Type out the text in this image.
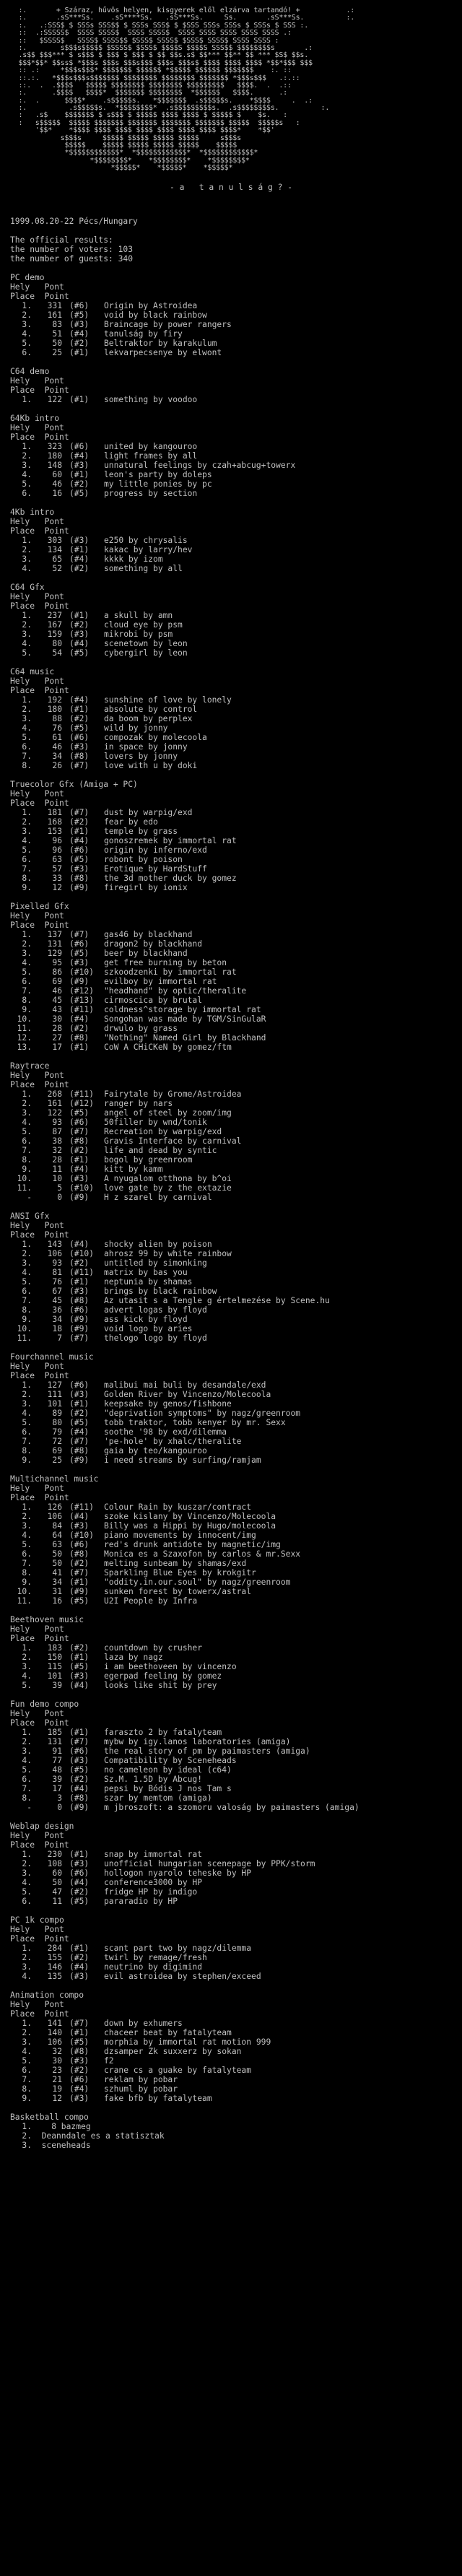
:.       + Száraz, hűvös helyen, kisgyerek elől elzárva tartandó! +           .:
:.       .sS***Ss.    .sS****Ss.   .sS***Ss.     Ss.       .sS***Ss.          :.
:.   .:SSS$ $ SSSs SSS$$ $ SSSs SSS$ $ $SSS SSSs SSSs $ SSSs $ SSS :.
::  .:SSSSS$  SSSS SSSS$  SSSS SSSS$  SSSS SSSS SSSS SSSS SSSS .:
::   $SSSS$   SSSS$ SSSS$$ $SSS$ SSSS$ $SSS$ SSSS$ SSSS SSSS :
:.        s$$$s$$$$$ $SSSS$ $SSS$ $$$$S $$$$S SSS$$ $$$$$$$$s       .:
.s$$ $$$*** $ s$$$ $ $$$ $ $$$ $ $$ $$s.s$ $$*** $$** $$ *** $S$ $$s.
$$$*$$* $$ss$ *$$$s $$$s $$$s$$$ $$$s $$$s$ $$$$ $$$$ $$$$ *$$*$$$ $$$
:: .:     *$$$s$$$* $$$$$$$ $$$$$$ *$$$$$ $$$$$$ $$$$$$$    :. ::
::.:.   *$$$s$$$s$$$$$$$ $$$$$$$$ $$$$$$$$ $$$$$$$ *$$$s$$$   .:.::
::.  .  .$$$$   $$$$$ $$$$$$$$ $$$$$$$$ $$$$$$$$$   $$$$.  .  .::
:.      .$$$$   $$$$*  $$$$$$$ $$$$$$$$  *$$$$$$   $$$$.      .:
:.  .      $$$$*    .s$$$$$s.   *$$$$$$$  .s$$$$$s.    *$$$$     .  .:
:.          .s$$$$$s.  *$$$$$$$$*  .s$$$$$$$$$s.  .s$$$$$$$$s.          :.
:   .s$    $$$$$$$ $ s$$$ $ $$$$$ $$$$ $$$$ $ $$$$$ $    $s.   :
:   s$$$$$  $$$$$ $$$$$$$ $$$$$$$ $$$$$$$ $$$$$$$ $$$$$  $$$$$s   :
'$$*    *$$$$ $$$$ $$$$ $$$$ $$$$ $$$$ $$$$ $$$$*    *$$'
s$$$s     $$$$$ $$$$$ $$$$$ $$$$$     s$$$s
$$$$$    $$$$$ $$$$$ $$$$$ $$$$$    $$$$$
*$$$$$$$$$$$$*  *$$$$$$$$$$$$*  *$$$$$$$$$$$$*
*$$$$$$$$*    *$$$$$$$$*    *$$$$$$$$*
*$$$$$*    *$$$$$*    *$$$$$*
- a   t a n u l s á g ? -
1999.08.20-22 Pécs/Hungary
The official results:
the number of voters: 103
the number of guests: 340
PC demo
Hely   Pont
Place  Point
1. 331 (#6) Origin by Astroidea
2. 161 (#5) void by black rainbow
3.	83 (#3) Braincage by power rangers
4.	51 (#4) tanulság by firy
5.	50 (#2) Beltraktor by karakulum
6.	25 (#1) lekvarpecsenye by elwont
C64 demo
Hely   Pont
Place  Point
1. 122 (#1) something by voodoo
64Kb intro
Hely   Pont
Place  Point
1. 323 (#6) united by kangouroo
2. 180 (#4) light frames by all
3. 148 (#3) unnatural feelings by czah+abcug+towerx
4.	60 (#1) leon's party by doleps
5.	46 (#2) my little ponies by pc
6.	16 (#5) progress by section
4Kb intro
Hely   Pont
Place  Point
1. 303 (#3) e250 by chrysalis
2. 134 (#1) kakac by larry/hev
3.	65 (#4) kkkk by izom
4.	52 (#2) something by all
C64 Gfx
Hely   Pont
Place  Point
1. 237 (#1) a skull by amn
2. 167 (#2) cloud eye by psm
3. 159 (#3) mikrobi by psm
4.	80 (#4) scenetown by leon
5.	54 (#5) cybergirl by leon
C64 music
Hely   Pont
Place  Point
1. 192 (#4) sunshine of love by lonely
2. 180 (#1) absolute by control
3.	88 (#2) da boom by perplex
4.	76 (#5) wild by jonny
5.	61 (#6) compozak by molecoola
6.	46 (#3) in space by jonny
7.	34 (#8) lovers by jonny
8.	26 (#7) love with u by doki
Truecolor Gfx (Amiga + PC)
Hely   Pont
Place  Point
1. 181 (#7) dust by warpig/exd
2. 168 (#2) fear by edo
3. 153 (#1) temple by grass
4.	96 (#4) gonoszremek by immortal rat
5.	96 (#6) origin by inferno/exd
6.	63 (#5) robont by poison
7.	57 (#3) Erotique by HardStuff
8.	33 (#8) the 3d mother duck by gomez
9.	12 (#9) firegirl by ionix
Pixelled Gfx
Hely   Pont
Place  Point
1. 137 (#7) gas46 by blackhand
2. 131 (#6) dragon2 by blackhand
3. 129 (#5) beer by blackhand
4.	95 (#3) get free burning by beton
5.	86 (#10) szkoodzenki by immortal rat
6.	69 (#9) evilboy by immortal rat
7.	46 (#12) "headhand" by optic/theralite
8.	45 (#13) cirmoscica by brutal
9.	43 (#11) coldness^storage by immortal rat
10.	30 (#4) Songohan was made by TGM/SinGulaR
11.	28 (#2) drwulo by grass
12.	27 (#8) "Nothing" Named Girl by Blackhand
13.	17 (#1) CoW A CHiCKeN by gomez/ftm
Raytrace
Hely   Pont
Place  Point
1. 268 (#11) Fairytale by Grome/Astroidea
2. 161 (#12) ranger by nars
3. 122 (#5) angel of steel by zoom/img
4.	93 (#6) 50filler by wnd/tonik
5.	87 (#7) Recreation by warpig/exd
6.	38 (#8) Gravis Interface by carnival
7.	32 (#2) life and dead by syntic
8.	28 (#1) bogol by greenroom
9.	11 (#4) kitt by kamm
10.	10 (#3) A nyugalom otthona by b^oi
11.	5 (#10) love gate by z the extazie
-	0 (#9) H z szarel by carnival
ANSI Gfx
Hely   Pont
Place  Point
1. 143 (#4) shocky alien by poison
2. 106 (#10) ahrosz 99 by white rainbow
3.	93 (#2) untitled by simonking
4.	81 (#11) matrix by bas you
5.	76 (#1) neptunia by shamas
6.	67 (#3) brings by black rainbow
7.	45 (#8) Az utasit s a Tengle g értelmezése by Scene.hu
8.	36 (#6) advert logas by floyd
9.	34 (#9) ass kick by floyd
10.	18 (#9) void logo by aries
11.	7 (#7) thelogo logo by floyd
Fourchannel music
Hely   Pont
Place  Point
1. 127 (#6) malibui mai buli by desandale/exd
2. 111 (#3) Golden River by Vincenzo/Molecoola
3. 101 (#1) keepsake by genos/fishbone
4.	89 (#2) "deprivation symptoms" by nagz/greenroom
5.	80 (#5) tobb traktor, tobb kenyer by mr. Sexx
6.	79 (#4) soothe '98 by exd/dilemma
7.	72 (#7) 'pe-hole' by xhalc/theralite
8.	69 (#8) gaia by teo/kangouroo
9.	25 (#9) i need streams by surfing/ramjam
Multichannel music
Hely   Pont
Place  Point
1. 126 (#11) Colour Rain by kuszar/contract
2. 106 (#4) szoke kislany by Vincenzo/Molecoola
3.	84 (#3) Billy was a Hippi by Hugo/molecoola
4.	64 (#10) piano movements by innocent/img
5.	63 (#6) red's drunk antidote by magnetic/img
6.	50 (#8) Monica es a Szaxofon by carlos & mr.Sexx
7.	50 (#2) melting sunbeam by shamas/exd
8.	41 (#7) Sparkling Blue Eyes by krokgitr
9.	34 (#1) "oddity.in.our.soul" by nagz/greenroom
10.	31 (#9) sunken forest by towerx/astral
11.	16 (#5) U2I People by Infra
Beethoven music
Hely   Pont
Place  Point
1. 183 (#2) countdown by crusher
2. 150 (#1) laza by nagz
3. 115 (#5) i am beethoveen by vincenzo
4. 101 (#3) egerpad feeling by gomez
5.	39 (#4) looks like shit by prey
Fun demo compo
Hely   Pont
Place  Point
1. 185 (#1) faraszto 2 by fatalyteam
2. 131 (#7) mybw by igy.lanos laboratories (amiga)
3.	91 (#6) the real story of pm by paimasters (amiga)
4.	77 (#3) Compatibility by Sceneheads
5.	48 (#5) no cameleon by ideal (c64)
6.	39 (#2) Sz.M. 1.5D by Abcug!
7.	17 (#4) pepsi by Bódis J nos Tam s
8.	3 (#8) szar by memtom (amiga)
-	0 (#9) m jbroszoft: a szomoru valoság by paimasters (amiga)
Weblap design
Hely   Pont
Place  Point
1. 230 (#1) snap by immortal rat
2. 108 (#3) unofficial hungarian scenepage by PPK/storm
3.	60 (#6) hollogon nyarolo teheske by HP
4.	50 (#4) conference3000 by HP
5.	47 (#2) fridge HP by indigo
6.	11 (#5) pararadio by HP
PC 1k compo
Hely   Pont
Place  Point
1. 284 (#1) scant part two by nagz/dilemma
2. 155 (#2) twirl by remage/fresh
3. 146 (#4) neutrino by digimind
4. 135 (#3) evil astroidea by stephen/exceed
Animation compo
Hely   Pont
Place  Point
1. 141 (#7) down by exhumers
2. 140 (#1) chaceer beat by fatalyteam
3. 106 (#5) morphia by immortal rat motion 999
4.	32 (#8) dzsamper Zk suxxerz by sokan
5.	30 (#3) f2
6.	23 (#2) crane cs a guake by fatalyteam
7.	21 (#6) reklam by pobar
8.	19 (#4) szhuml by pobar
9.	12 (#3) fake bfb by fatalyteam
Basketball compo
1.    8 bazmeg
2.  Deanndale es a statisztak
3.  sceneheads
